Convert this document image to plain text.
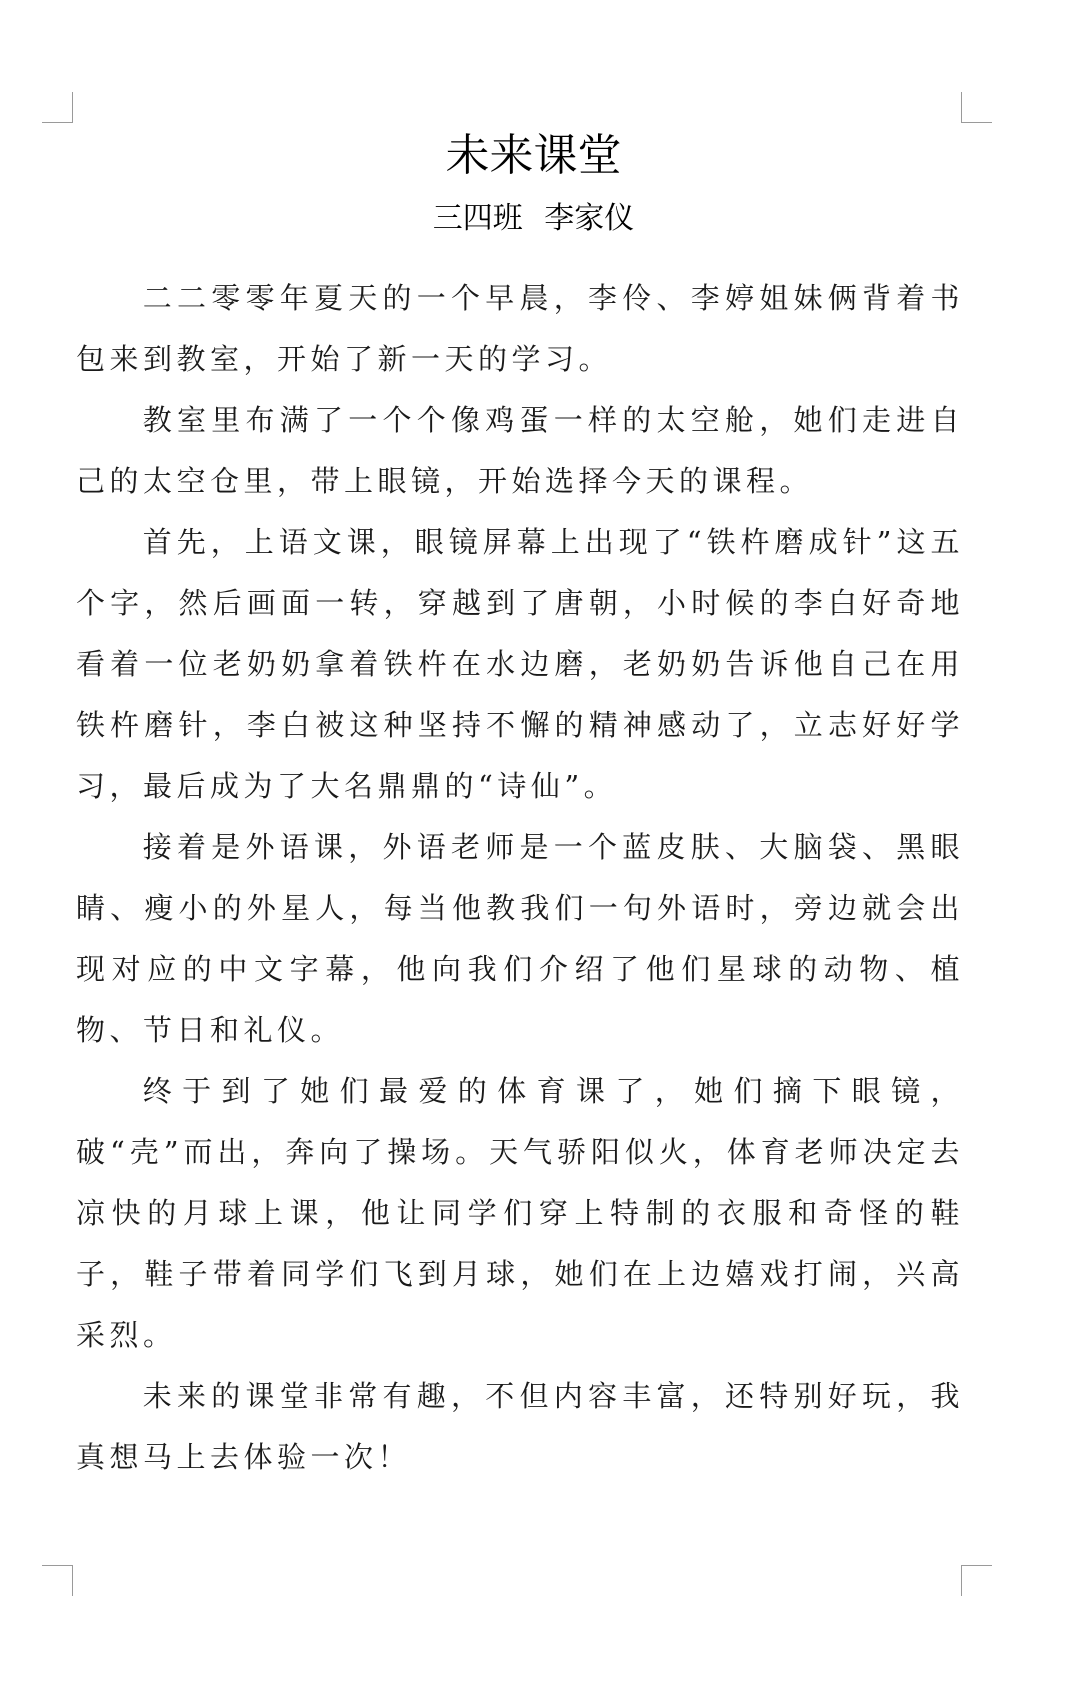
未来课堂
三四班 李家仪

二二零零年夏天的一个早晨，李伶、李婷姐妹俩背着书包来到教室，开始了新一天的学习。

教室里布满了一个个像鸡蛋一样的太空舱，她们走进自己的太空仓里，带上眼镜，开始选择今天的课程。

首先，上语文课，眼镜屏幕上出现了“铁杵磨成针”这五个字，然后画面一转，穿越到了唐朝，小时候的李白好奇地看着一位老奶奶拿着铁杵在水边磨，老奶奶告诉他自己在用铁杵磨针，李白被这种坚持不懈的精神感动了，立志好好学习，最后成为了大名鼎鼎的“诗仙”。

接着是外语课，外语老师是一个蓝皮肤、大脑袋、黑眼睛、瘦小的外星人，每当他教我们一句外语时，旁边就会出现对应的中文字幕，他向我们介绍了他们星球的动物、植物、节日和礼仪。

终于到了她们最爱的体育课了，她们摘下眼镜，破“壳”而出，奔向了操场。天气骄阳似火，体育老师决定去凉快的月球上课，他让同学们穿上特制的衣服和奇怪的鞋子，鞋子带着同学们飞到月球，她们在上边嬉戏打闹，兴高采烈。

未来的课堂非常有趣，不但内容丰富，还特别好玩，我真想马上去体验一次！
